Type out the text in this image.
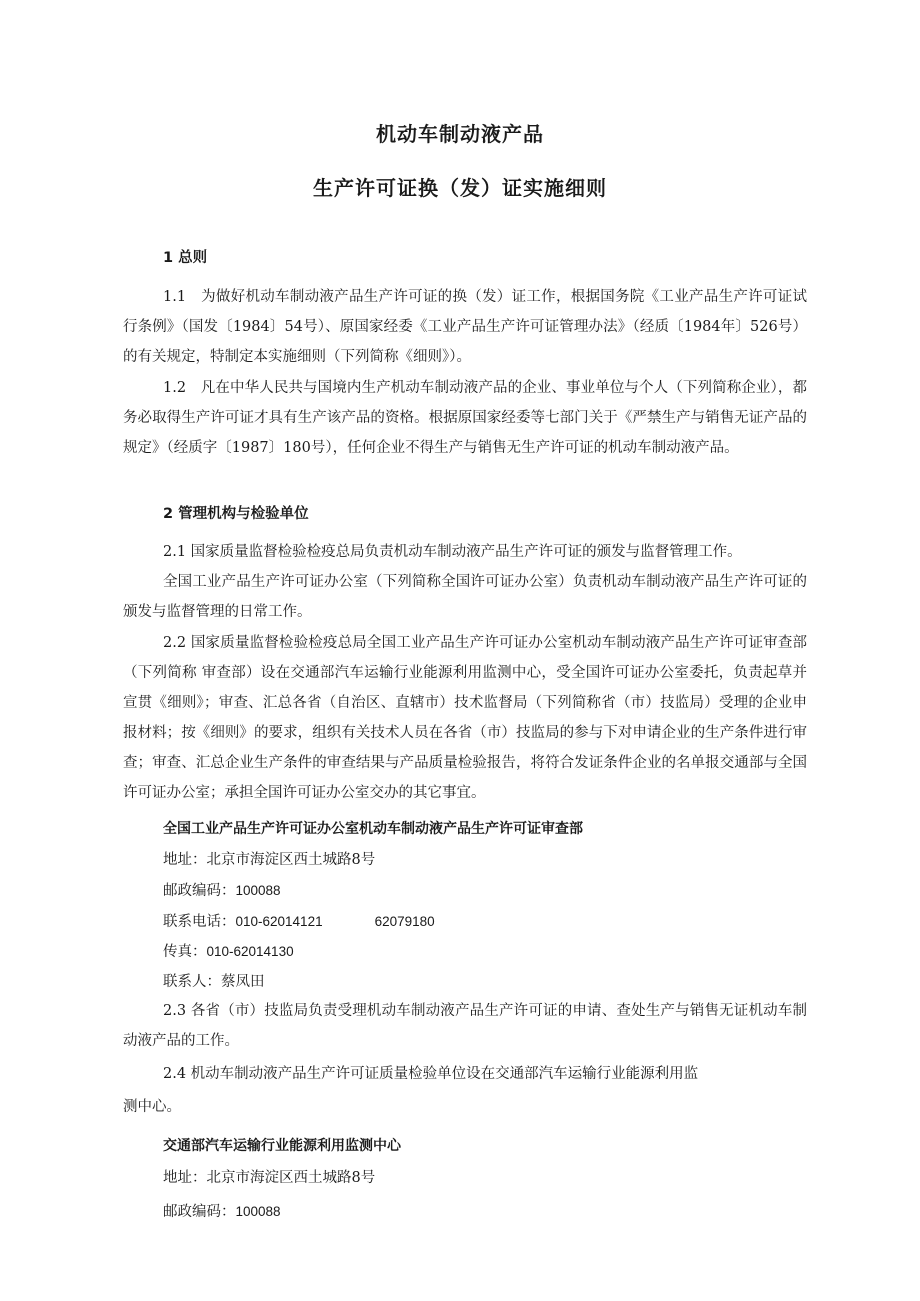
机动车制动液产品
生产许可证换（发）证实施细则
1 总则

1.1　为做好机动车制动液产品生产许可证的换（发）证工作，根据国务院《工业产品生产许可证试行条例》（国发〔1984〕54号）、原国家经委《工业产品生产许可证管理办法》（经质〔1984年〕526号）的有关规定，特制定本实施细则（下列简称《细则》）。

1.2　凡在中华人民共与国境内生产机动车制动液产品的企业、事业单位与个人（下列简称企业），都务必取得生产许可证才具有生产该产品的资格。根据原国家经委等七部门关于《严禁生产与销售无证产品的规定》（经质字〔1987〕180号），任何企业不得生产与销售无生产许可证的机动车制动液产品。

2 管理机构与检验单位

2.1 国家质量监督检验检疫总局负责机动车制动液产品生产许可证的颁发与监督管理工作。

全国工业产品生产许可证办公室（下列简称全国许可证办公室）负责机动车制动液产品生产许可证的颁发与监督管理的日常工作。

2.2 国家质量监督检验检疫总局全国工业产品生产许可证办公室机动车制动液产品生产许可证审查部（下列简称 审查部）设在交通部汽车运输行业能源利用监测中心，受全国许可证办公室委托，负责起草并宣贯《细则》；审查、汇总各省（自治区、直辖市）技术监督局（下列简称省（市）技监局）受理的企业申报材料；按《细则》的要求，组织有关技术人员在各省（市）技监局的参与下对申请企业的生产条件进行审查；审查、汇总企业生产条件的审查结果与产品质量检验报告，将符合发证条件企业的名单报交通部与全国许可证办公室；承担全国许可证办公室交办的其它事宜。

全国工业产品生产许可证办公室机动车制动液产品生产许可证审查部
地址：北京市海淀区西土城路8号
邮政编码：100088
联系电话：010-62014121	62079180
传真：010-62014130
联系人：蔡凤田

2.3 各省（市）技监局负责受理机动车制动液产品生产许可证的申请、查处生产与销售无证机动车制动液产品的工作。

2.4 机动车制动液产品生产许可证质量检验单位设在交通部汽车运输行业能源利用监
测中心。
交通部汽车运输行业能源利用监测中心
地址：北京市海淀区西土城路8号
邮政编码：100088
